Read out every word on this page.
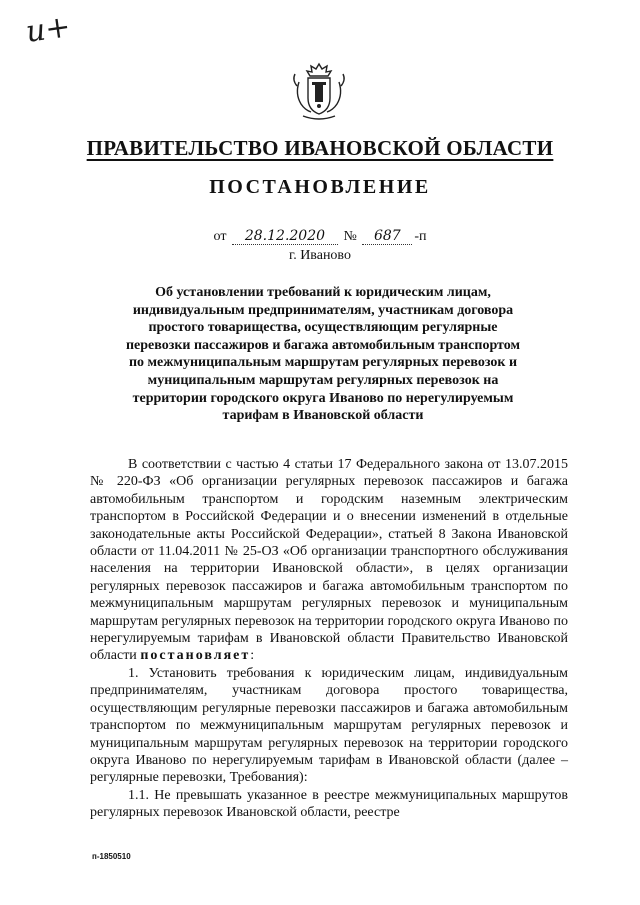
и+
ПРАВИТЕЛЬСТВО ИВАНОВСКОЙ ОБЛАСТИ
ПОСТАНОВЛЕНИЕ
от 28.12.2020 № 687 -п
г. Иваново
Об установлении требований к юридическим лицам, индивидуальным предпринимателям, участникам договора простого товарищества, осуществляющим регулярные перевозки пассажиров и багажа автомобильным транспортом по межмуниципальным маршрутам регулярных перевозок и муниципальным маршрутам регулярных перевозок на территории городского округа Иваново по нерегулируемым тарифам в Ивановской области

В соответствии с частью 4 статьи 17 Федерального закона от 13.07.2015 № 220-ФЗ «Об организации регулярных перевозок пассажиров и багажа автомобильным транспортом и городским наземным электрическим транспортом в Российской Федерации и о внесении изменений в отдельные законодательные акты Российской Федерации», статьей 8 Закона Ивановской области от 11.04.2011 № 25-ОЗ «Об организации транспортного обслуживания населения на территории Ивановской области», в целях организации регулярных перевозок пассажиров и багажа автомобильным транспортом по межмуниципальным маршрутам регулярных перевозок и муниципальным маршрутам регулярных перевозок на территории городского округа Иваново по нерегулируемым тарифам в Ивановской области Правительство Ивановской области постановляет:

1. Установить требования к юридическим лицам, индивидуальным предпринимателям, участникам договора простого товарищества, осуществляющим регулярные перевозки пассажиров и багажа автомобильным транспортом по межмуниципальным маршрутам регулярных перевозок и муниципальным маршрутам регулярных перевозок на территории городского округа Иваново по нерегулируемым тарифам в Ивановской области (далее – регулярные перевозки, Требования):

1.1. Не превышать указанное в реестре межмуниципальных маршрутов регулярных перевозок Ивановской области, реестре

п-1850510
